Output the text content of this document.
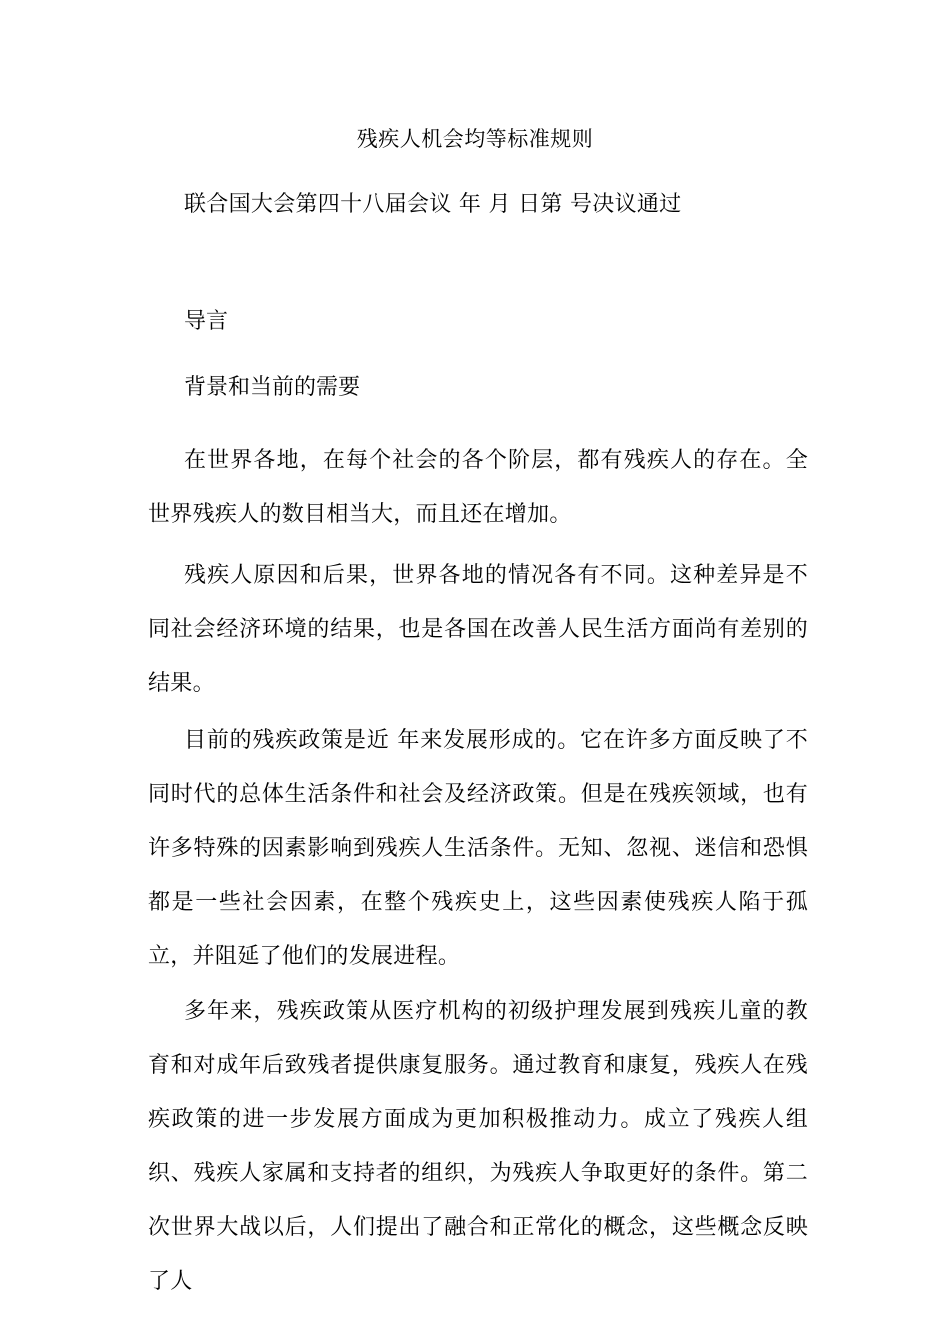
残疾人机会均等标准规则
联合国大会第四十八届会议 年 月 日第 号决议通过
导言
背景和当前的需要
在世界各地，在每个社会的各个阶层，都有残疾人的存在。全世界残疾人的数目相当大，而且还在增加。
残疾人原因和后果，世界各地的情况各有不同。这种差异是不同社会经济环境的结果，也是各国在改善人民生活方面尚有差别的结果。
目前的残疾政策是近 年来发展形成的。它在许多方面反映了不同时代的总体生活条件和社会及经济政策。但是在残疾领域，也有许多特殊的因素影响到残疾人生活条件。无知、忽视、迷信和恐惧都是一些社会因素，在整个残疾史上，这些因素使残疾人陷于孤立，并阻延了他们的发展进程。
多年来，残疾政策从医疗机构的初级护理发展到残疾儿童的教育和对成年后致残者提供康复服务。通过教育和康复，残疾人在残疾政策的进一步发展方面成为更加积极推动力。成立了残疾人组织、残疾人家属和支持者的组织，为残疾人争取更好的条件。第二次世界大战以后，人们提出了融合和正常化的概念，这些概念反映了人
